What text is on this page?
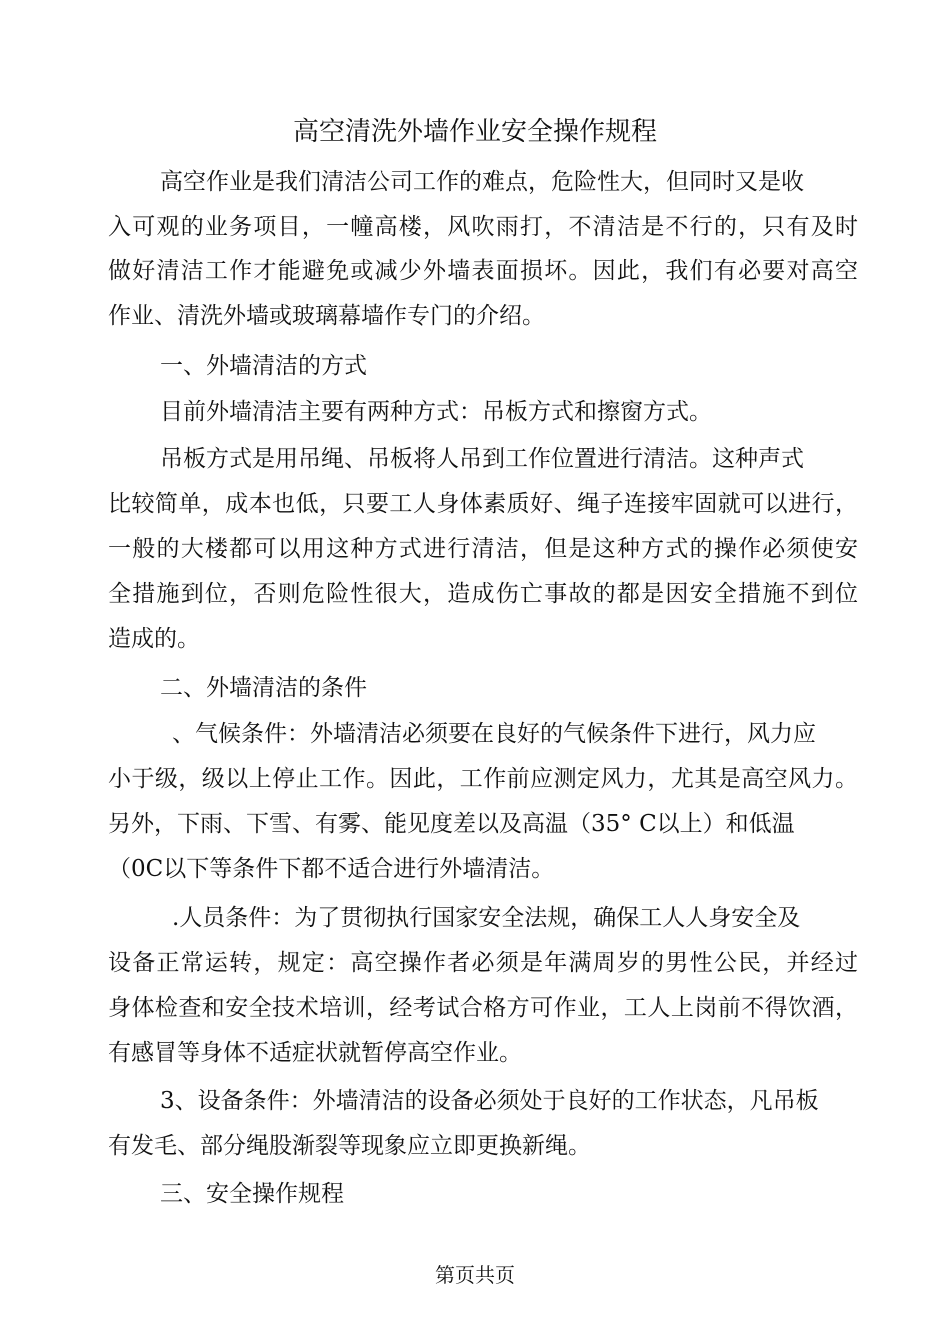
高空清洗外墙作业安全操作规程
高空作业是我们清洁公司工作的难点，危险性大，但同时又是收
入可观的业务项目，一幢高楼，风吹雨打，不清洁是不行的，只有及时
做好清洁工作才能避免或减少外墙表面损坏。因此，我们有必要对高空
作业、清洗外墙或玻璃幕墙作专门的介绍。
一、外墙清洁的方式
目前外墙清洁主要有两种方式：吊板方式和擦窗方式。
吊板方式是用吊绳、吊板将人吊到工作位置进行清洁。这种声式
比较简单，成本也低，只要工人身体素质好、绳子连接牢固就可以进行，
一般的大楼都可以用这种方式进行清洁，但是这种方式的操作必须使安
全措施到位，否则危险性很大，造成伤亡事故的都是因安全措施不到位
造成的。
二、外墙清洁的条件
、气候条件：外墙清洁必须要在良好的气候条件下进行，风力应
小于级，级以上停止工作。因此，工作前应测定风力，尤其是高空风力。
另外，下雨、下雪、有雾、能见度差以及高温（35° C以上）和低温
（0C以下等条件下都不适合进行外墙清洁。
.人员条件：为了贯彻执行国家安全法规，确保工人人身安全及
设备正常运转，规定：高空操作者必须是年满周岁的男性公民，并经过
身体检查和安全技术培训，经考试合格方可作业，工人上岗前不得饮酒，
有感冒等身体不适症状就暂停高空作业。
3、设备条件：外墙清洁的设备必须处于良好的工作状态，凡吊板
有发毛、部分绳股渐裂等现象应立即更换新绳。
三、安全操作规程
第页共页
